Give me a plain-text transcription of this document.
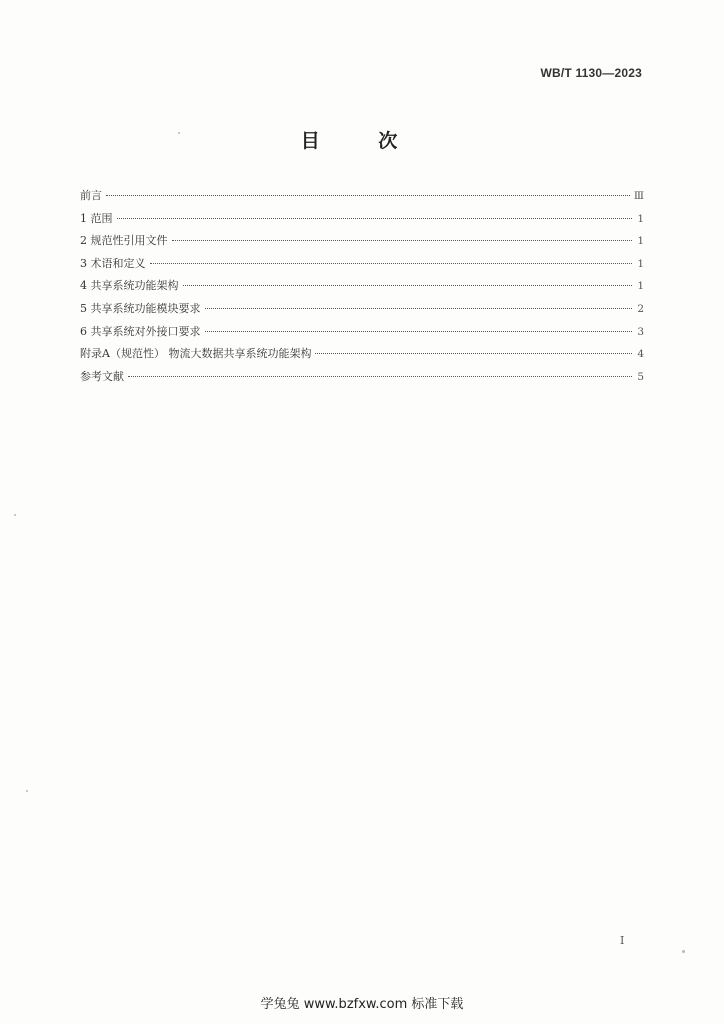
WB/T 1130—2023
目 次
前言	Ⅲ
1 范围	1
2 规范性引用文件	1
3 术语和定义	1
4 共享系统功能架构	1
5 共享系统功能模块要求	2
6 共享系统对外接口要求	3
附录A（规范性） 物流大数据共享系统功能架构	4
参考文献	5
I
学兔兔 www.bzfxw.com 标准下载
